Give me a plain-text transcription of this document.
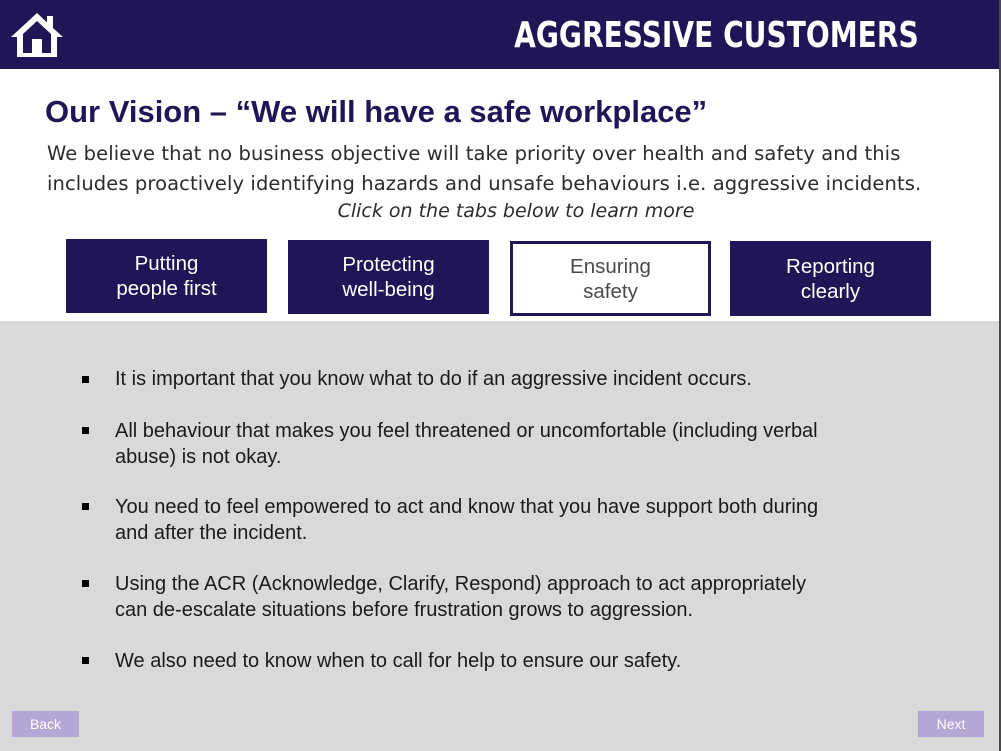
AGGRESSIVE CUSTOMERS
Our Vision – “We will have a safe workplace”
We believe that no business objective will take priority over health and safety and this
includes proactively identifying hazards and unsafe behaviours i.e. aggressive incidents.
Click on the tabs below to learn more
Putting
people first
Protecting
well-being
Ensuring
safety
Reporting
clearly
It is important that you know what to do if an aggressive incident occurs.
All behaviour that makes you feel threatened or uncomfortable (including verbal
abuse) is not okay.
You need to feel empowered to act and know that you have support both during
and after the incident.
Using the ACR (Acknowledge, Clarify, Respond) approach to act appropriately
can de-escalate situations before frustration grows to aggression.
We also need to know when to call for help to ensure our safety.
Back	Next
